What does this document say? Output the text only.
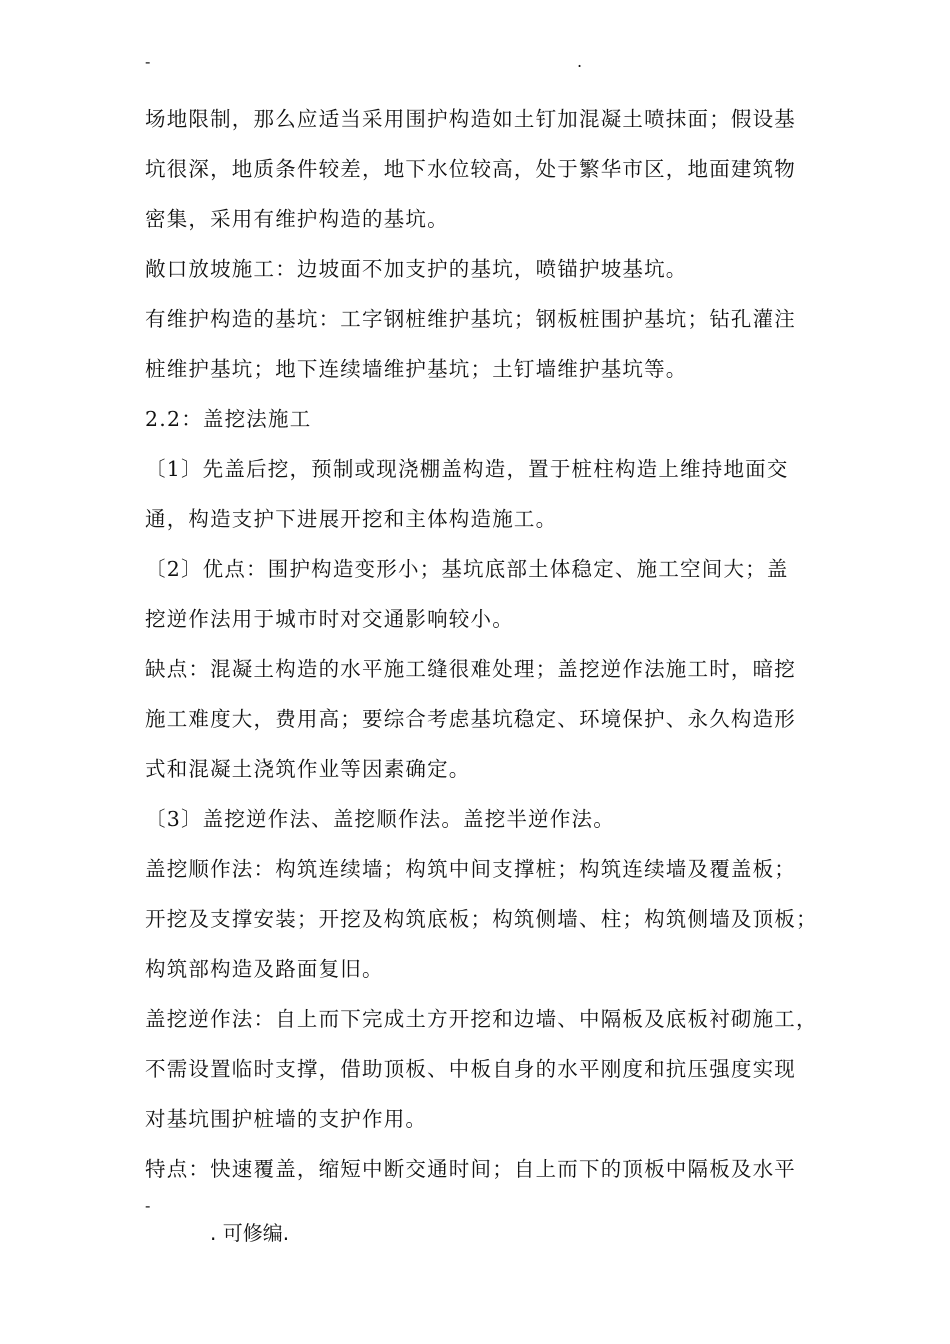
-	.
场地限制，那么应适当采用围护构造如土钉加混凝土喷抹面；假设基
坑很深，地质条件较差，地下水位较高，处于繁华市区，地面建筑物
密集，采用有维护构造的基坑。
敞口放坡施工：边坡面不加支护的基坑，喷锚护坡基坑。
有维护构造的基坑：工字钢桩维护基坑；钢板桩围护基坑；钻孔灌注
桩维护基坑；地下连续墙维护基坑；土钉墙维护基坑等。
2.2：盖挖法施工
〔1〕先盖后挖，预制或现浇棚盖构造，置于桩柱构造上维持地面交
通，构造支护下进展开挖和主体构造施工。
〔2〕优点：围护构造变形小；基坑底部土体稳定、施工空间大；盖
挖逆作法用于城市时对交通影响较小。
缺点：混凝土构造的水平施工缝很难处理；盖挖逆作法施工时，暗挖
施工难度大，费用高；要综合考虑基坑稳定、环境保护、永久构造形
式和混凝土浇筑作业等因素确定。
〔3〕盖挖逆作法、盖挖顺作法。盖挖半逆作法。
盖挖顺作法：构筑连续墙；构筑中间支撑桩；构筑连续墙及覆盖板；
开挖及支撑安装；开挖及构筑底板；构筑侧墙、柱；构筑侧墙及顶板；
构筑部构造及路面复旧。
盖挖逆作法：自上而下完成土方开挖和边墙、中隔板及底板衬砌施工，
不需设置临时支撑，借助顶板、中板自身的水平刚度和抗压强度实现
对基坑围护桩墙的支护作用。
特点：快速覆盖，缩短中断交通时间；自上而下的顶板中隔板及水平
-
. 可修编.
